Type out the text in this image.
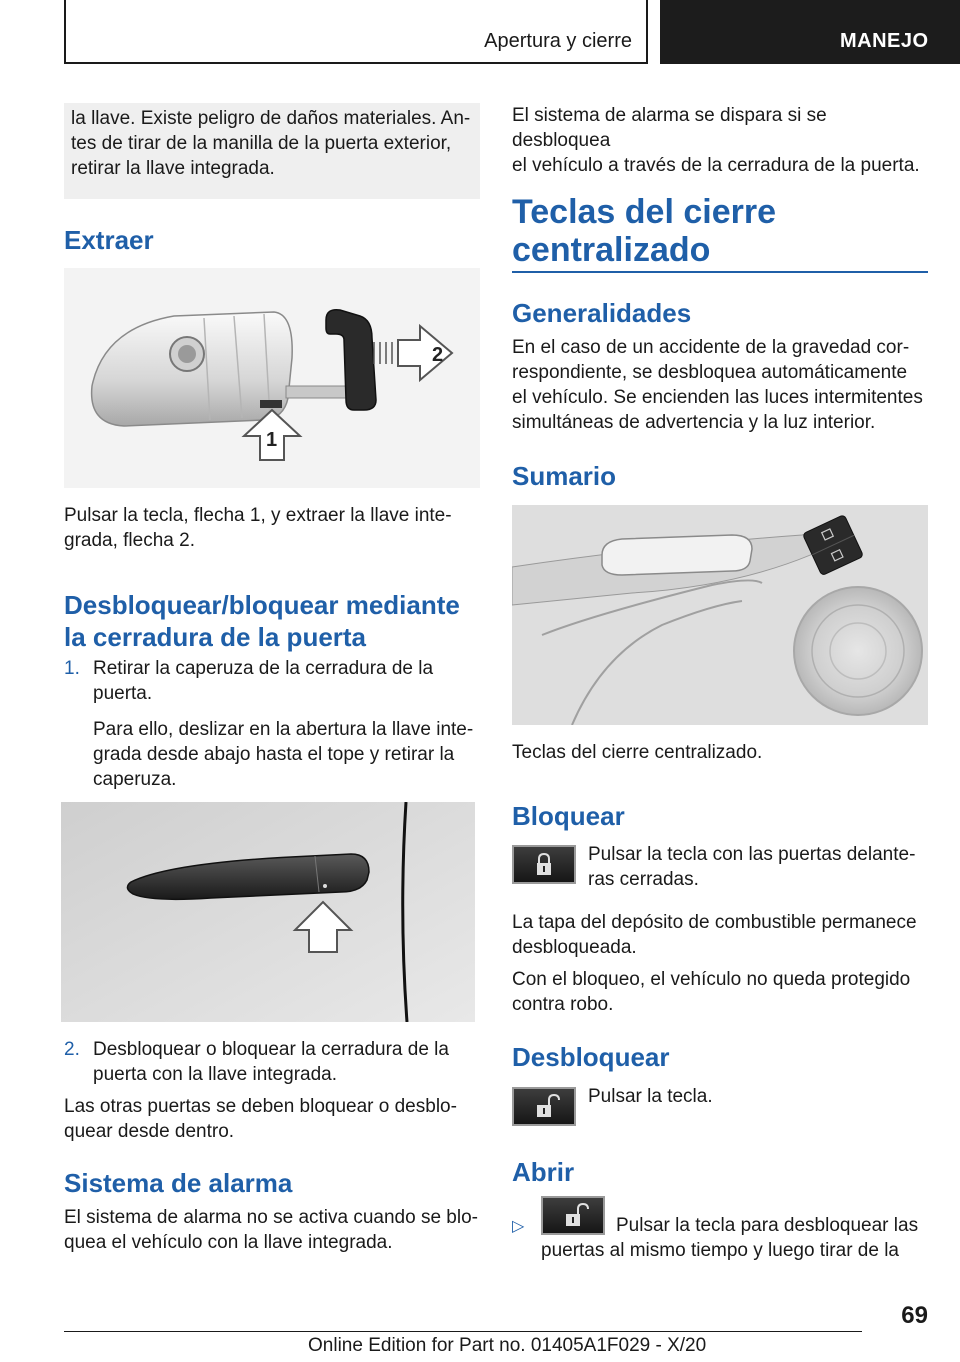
Apertura y cierre	MANEJO
la llave. Existe peligro de daños materiales. An‐
tes de tirar de la manilla de la puerta exterior,
retirar la llave integrada.
Extraer
2
1
Pulsar la tecla, flecha 1, y extraer la llave inte‐
grada, flecha 2.
Desbloquear/bloquear mediante
la cerradura de la puerta
1. Retirar la caperuza de la cerradura de la
puerta.
Para ello, deslizar en la abertura la llave inte‐
grada desde abajo hasta el tope y retirar la
caperuza.
2. Desbloquear o bloquear la cerradura de la
puerta con la llave integrada.
Las otras puertas se deben bloquear o desblo‐
quear desde dentro.
Sistema de alarma
El sistema de alarma no se activa cuando se blo‐
quea el vehículo con la llave integrada.
El sistema de alarma se dispara si se desbloquea
el vehículo a través de la cerradura de la puerta.
Teclas del cierre
centralizado
Generalidades
En el caso de un accidente de la gravedad cor‐
respondiente, se desbloquea automáticamente
el vehículo. Se encienden las luces intermitentes
simultáneas de advertencia y la luz interior.
Sumario
Teclas del cierre centralizado.
Bloquear
Pulsar la tecla con las puertas delante‐
ras cerradas.
La tapa del depósito de combustible permanece
desbloqueada.
Con el bloqueo, el vehículo no queda protegido
contra robo.
Desbloquear
Pulsar la tecla.
Abrir
▷	Pulsar la tecla para desbloquear las
puertas al mismo tiempo y luego tirar de la
69
Online Edition for Part no. 01405A1F029 - X/20
